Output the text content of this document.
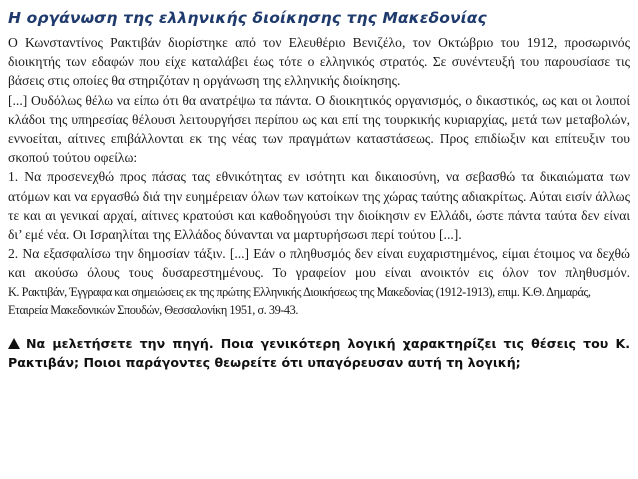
Η οργάνωση της ελληνικής διοίκησης της Μακεδονίας

Ο Κωνσταντίνος Ρακτιβάν διορίστηκε από τον Ελευθέριο Βενιζέλο, τον Οκτώβριο του 1912, προσωρινός διοικητής των εδαφών που είχε καταλάβει έως τότε ο ελληνικός στρατός. Σε συνέντευξή του παρουσίασε τις βάσεις στις οποίες θα στηριζόταν η οργάνωση της ελληνικής διοίκησης.

[...] Ουδόλως θέλω να είπω ότι θα ανατρέψω τα πάντα. Ο διοικητικός οργανισμός, ο δικαστικός, ως και οι λοιποί κλάδοι της υπηρεσίας θέλουσι λειτουργήσει περίπου ως και επί της τουρκικής κυριαρχίας, μετά των μεταβολών, εννοείται, αίτινες επιβάλλονται εκ της νέας των πραγμάτων καταστάσεως. Προς επιδίωξιν και επίτευξιν του σκοπού τούτου οφείλω:

1. Να προσενεχθώ προς πάσας τας εθνικότητας εν ισότητι και δικαιοσύνη, να σεβασθώ τα δικαιώματα των ατόμων και να εργασθώ διά την ευημέρειαν όλων των κατοίκων της χώρας ταύτης αδιακρίτως. Αύται εισίν άλλως τε και αι γενικαί αρχαί, αίτινες κρατούσι και καθοδηγούσι την διοίκησιν εν Ελλάδι, ώστε πάντα ταύτα δεν είναι δι’ εμέ νέα. Οι Ισραηλίται της Ελλάδος δύνανται να μαρτυρήσωσι περί τούτου [...].

2. Να εξασφαλίσω την δημοσίαν τάξιν. [...] Εάν ο πληθυσμός δεν είναι ευχαριστημένος, είμαι έτοιμος να δεχθώ και ακούσω όλους τους δυσαρεστημένους. Το γραφείον μου είναι ανοικτόν εις όλον τον πληθυσμόν.

Κ. Ρακτιβάν, Έγγραφα και σημειώσεις εκ της πρώτης Ελληνικής Διοικήσεως της Μακεδονίας (1912-1913), επιμ. Κ.Θ. Δημαράς, Εταιρεία Μακεδονικών Σπουδών, Θεσσαλονίκη 1951, σ. 39-43.

Να μελετήσετε την πηγή. Ποια γενικότερη λογική χαρακτηρίζει τις θέσεις του Κ. Ρακτιβάν; Ποιοι παράγοντες θεωρείτε ότι υπαγόρευσαν αυτή τη λογική;
